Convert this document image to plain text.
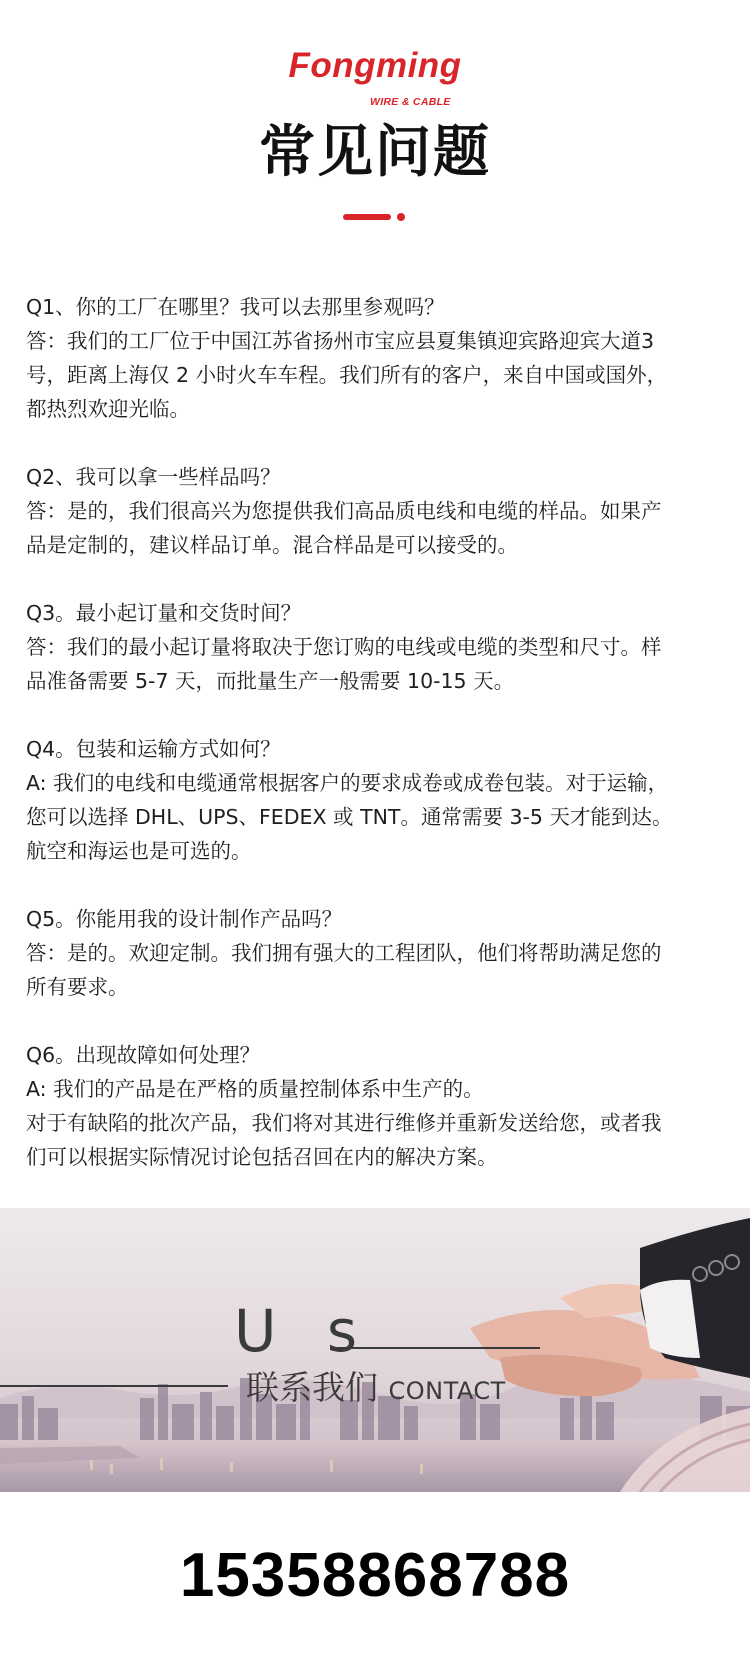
Fongming
WIRE & CABLE
常见问题

Q1、你的工厂在哪里？我可以去那里参观吗？

答：我们的工厂位于中国江苏省扬州市宝应县夏集镇迎宾路迎宾大道3

号，距离上海仅 2 小时火车车程。我们所有的客户，来自中国或国外，

都热烈欢迎光临。

Q2、我可以拿一些样品吗？

答：是的，我们很高兴为您提供我们高品质电线和电缆的样品。如果产

品是定制的，建议样品订单。混合样品是可以接受的。

Q3。最小起订量和交货时间？

答：我们的最小起订量将取决于您订购的电线或电缆的类型和尺寸。样

品准备需要 5-7 天，而批量生产一般需要 10-15 天。

Q4。包装和运输方式如何？

A: 我们的电线和电缆通常根据客户的要求成卷或成卷包装。对于运输，

您可以选择 DHL、UPS、FEDEX 或 TNT。通常需要 3-5 天才能到达。

航空和海运也是可选的。

Q5。你能用我的设计制作产品吗？

答：是的。欢迎定制。我们拥有强大的工程团队，他们将帮助满足您的

所有要求。

Q6。出现故障如何处理？

A: 我们的产品是在严格的质量控制体系中生产的。

对于有缺陷的批次产品，我们将对其进行维修并重新发送给您，或者我

们可以根据实际情况讨论包括召回在内的解决方案。

U s
联系我们 CONTACT
15358868788
